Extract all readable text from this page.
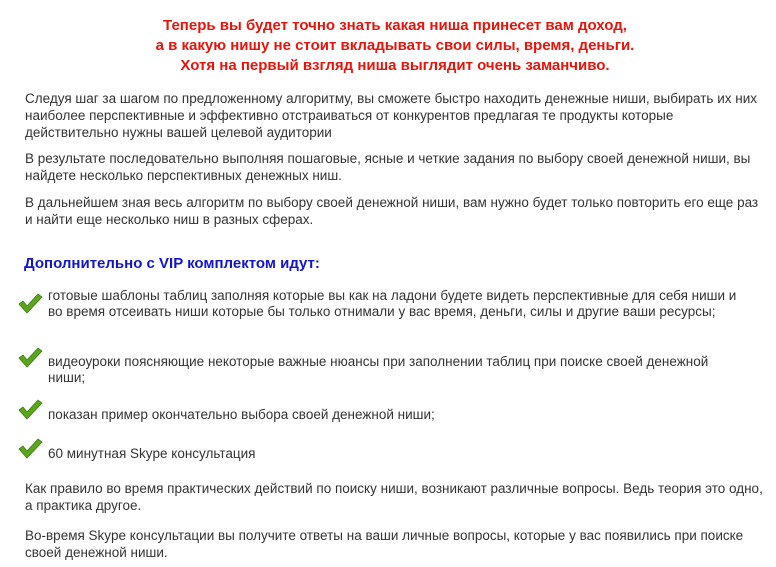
Теперь вы будет точно знать какая ниша принесет вам доход,
а в какую нишу не стоит вкладывать свои силы, время, деньги.
Хотя на первый взгляд ниша выглядит очень заманчиво.

Следуя шаг за шагом по предложенному алгоритму, вы сможете быстро находить денежные ниши, выбирать их них наиболее перспективные и эффективно отстраиваться от конкурентов предлагая те продукты которые действительно нужны вашей целевой аудитории

В результате последовательно выполняя пошаговые, ясные и четкие задания по выбору своей денежной ниши, вы найдете несколько перспективных денежных ниш.

В дальнейшем зная весь алгоритм по выбору своей денежной ниши, вам нужно будет только повторить его еще раз и найти еще несколько ниш в разных сферах.

Дополнительно с VIP комплектом идут:
готовые шаблоны таблиц заполняя которые вы как на ладони будете видеть перспективные для себя ниши и во время отсеивать ниши которые бы только отнимали у вас время, деньги, силы и другие ваши ресурсы;
видеоуроки поясняющие некоторые важные нюансы при заполнении таблиц при поиске своей денежной ниши;
показан пример окончательно выбора своей денежной ниши;
60 минутная Skype консультация

Как правило во время практических действий по поиску ниши, возникают различные вопросы. Ведь теория это одно, а практика другое.

Во-время Skype консультации вы получите ответы на ваши личные вопросы, которые у вас появились при поиске своей денежной ниши.
